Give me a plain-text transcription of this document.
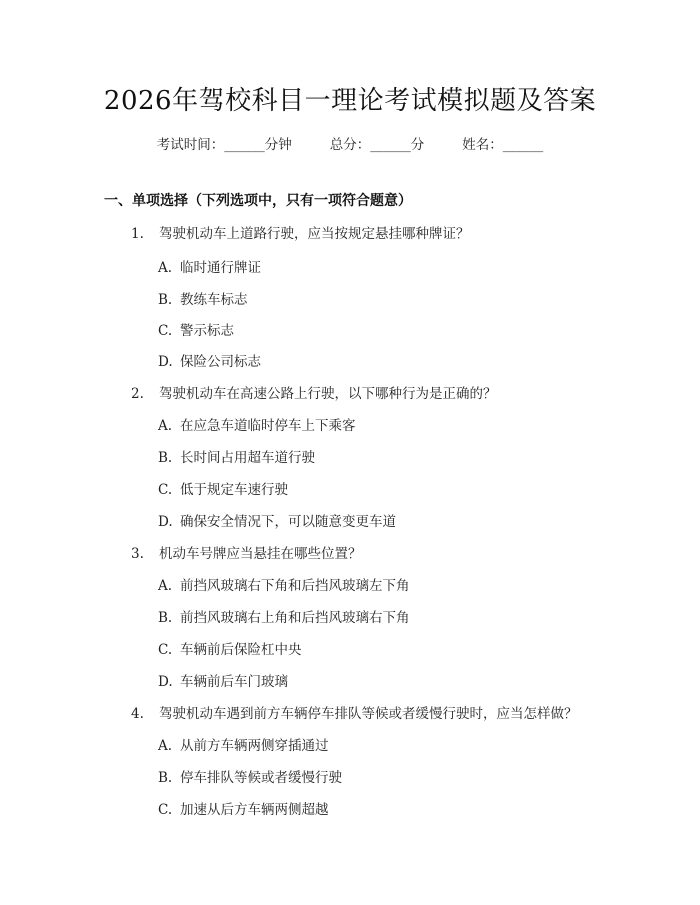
2026年驾校科目一理论考试模拟题及答案
考试时间：______分钟	总分：______分	姓名：______
一、单项选择（下列选项中，只有一项符合题意）
1. 驾驶机动车上道路行驶，应当按规定悬挂哪种牌证？
A. 临时通行牌证
B. 教练车标志
C. 警示标志
D. 保险公司标志
2. 驾驶机动车在高速公路上行驶，以下哪种行为是正确的？
A. 在应急车道临时停车上下乘客
B. 长时间占用超车道行驶
C. 低于规定车速行驶
D. 确保安全情况下，可以随意变更车道
3. 机动车号牌应当悬挂在哪些位置？
A. 前挡风玻璃右下角和后挡风玻璃左下角
B. 前挡风玻璃右上角和后挡风玻璃右下角
C. 车辆前后保险杠中央
D. 车辆前后车门玻璃
4. 驾驶机动车遇到前方车辆停车排队等候或者缓慢行驶时，应当怎样做？
A. 从前方车辆两侧穿插通过
B. 停车排队等候或者缓慢行驶
C. 加速从后方车辆两侧超越
